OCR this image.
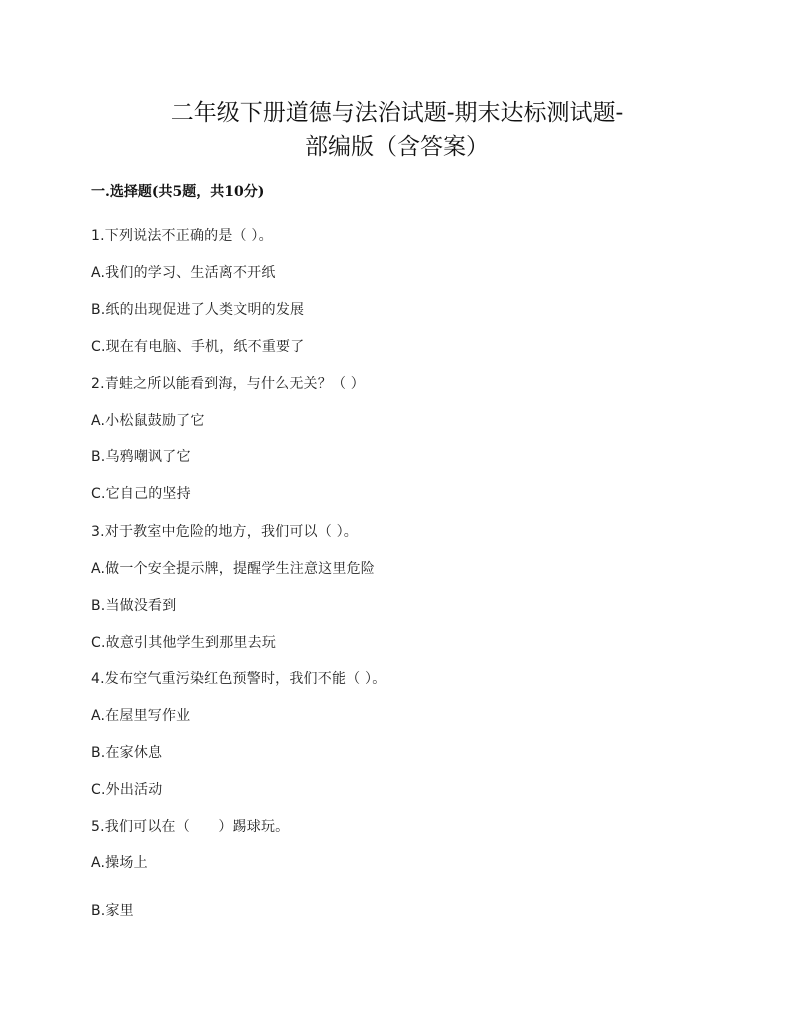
二年级下册道德与法治试题-期末达标测试题-
部编版（含答案）
一.选择题(共5题，共10分)
1.下列说法不正确的是（ ）。
A.我们的学习、生活离不开纸
B.纸的出现促进了人类文明的发展
C.现在有电脑、手机，纸不重要了
2.青蛙之所以能看到海，与什么无关？（ ）
A.小松鼠鼓励了它
B.乌鸦嘲讽了它
C.它自己的坚持
3.对于教室中危险的地方，我们可以（ ）。
A.做一个安全提示牌，提醒学生注意这里危险
B.当做没看到
C.故意引其他学生到那里去玩
4.发布空气重污染红色预警时，我们不能（ ）。
A.在屋里写作业
B.在家休息
C.外出活动
5.我们可以在（　　）踢球玩。
A.操场上
B.家里
